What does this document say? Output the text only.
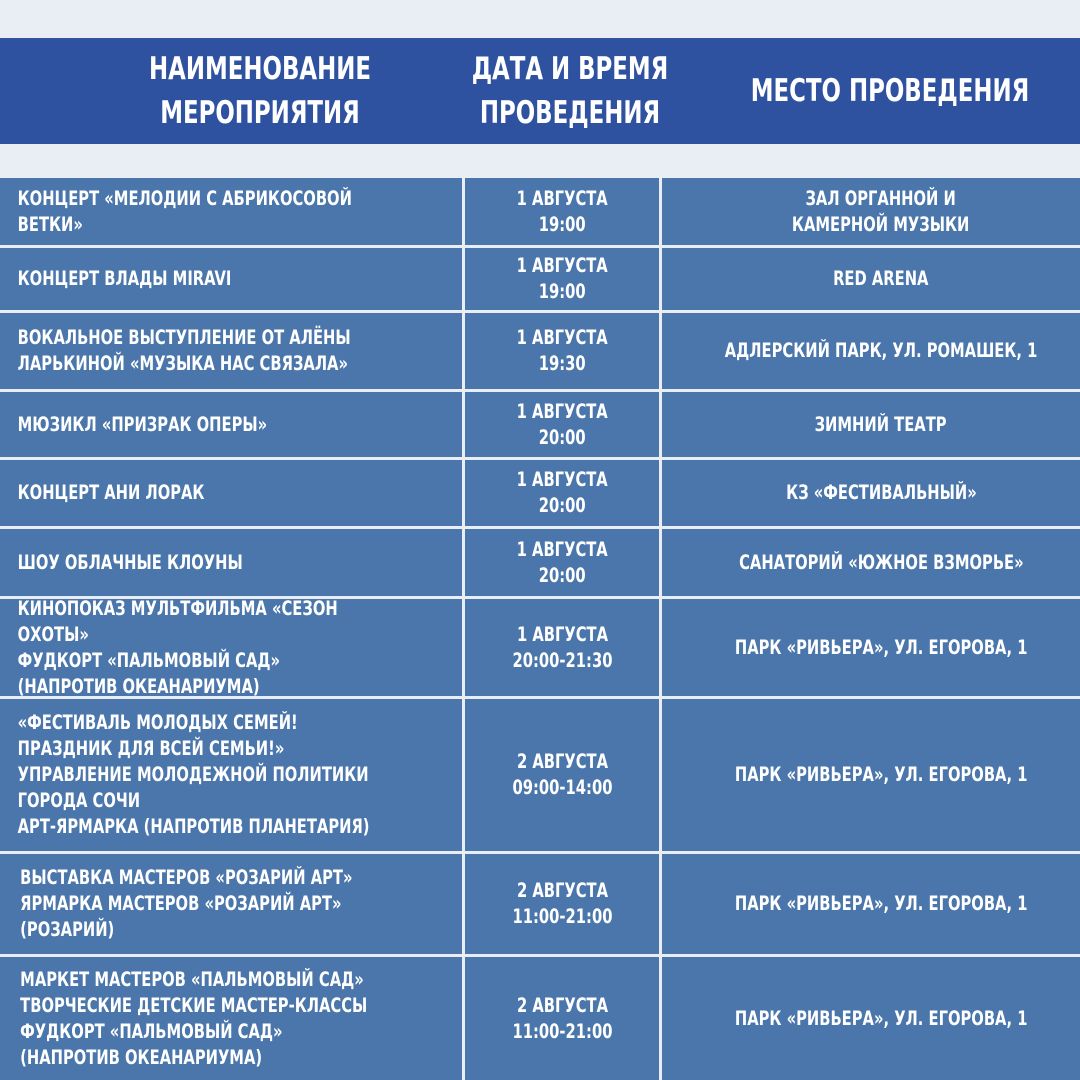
НАИМЕНОВАНИЕ
МЕРОПРИЯТИЯ
ДАТА И ВРЕМЯ
ПРОВЕДЕНИЯ
МЕСТО ПРОВЕДЕНИЯ
КОНЦЕРТ «МЕЛОДИИ С АБРИКОСОВОЙ ВЕТКИ»
1 АВГУСТА
19:00
ЗАЛ ОРГАННОЙ И
КАМЕРНОЙ МУЗЫКИ
КОНЦЕРТ ВЛАДЫ MIRAVI
1 АВГУСТА
19:00
RED ARENA
ВОКАЛЬНОЕ ВЫСТУПЛЕНИЕ ОТ АЛЁНЫ
ЛАРЬКИНОЙ «МУЗЫКА НАС СВЯЗАЛА»
1 АВГУСТА
19:30
АДЛЕРСКИЙ ПАРК, УЛ. РОМАШЕК, 1
МЮЗИКЛ «ПРИЗРАК ОПЕРЫ»
1 АВГУСТА
20:00
ЗИМНИЙ ТЕАТР
КОНЦЕРТ АНИ ЛОРАК
1 АВГУСТА
20:00
КЗ «ФЕСТИВАЛЬНЫЙ»
ШОУ ОБЛАЧНЫЕ КЛОУНЫ
1 АВГУСТА
20:00
САНАТОРИЙ «ЮЖНОЕ ВЗМОРЬЕ»
КИНОПОКАЗ МУЛЬТФИЛЬМА «СЕЗОН ОХОТЫ»
ФУДКОРТ «ПАЛЬМОВЫЙ САД»
(НАПРОТИВ ОКЕАНАРИУМА)
1 АВГУСТА
20:00-21:30
ПАРК «РИВЬЕРА», УЛ. ЕГОРОВА, 1
«ФЕСТИВАЛЬ МОЛОДЫХ СЕМЕЙ!
ПРАЗДНИК ДЛЯ ВСЕЙ СЕМЬИ!»
УПРАВЛЕНИЕ МОЛОДЕЖНОЙ ПОЛИТИКИ
ГОРОДА СОЧИ
АРТ-ЯРМАРКА (НАПРОТИВ ПЛАНЕТАРИЯ)
2 АВГУСТА
09:00-14:00
ПАРК «РИВЬЕРА», УЛ. ЕГОРОВА, 1
ВЫСТАВКА МАСТЕРОВ «РОЗАРИЙ АРТ»
ЯРМАРКА МАСТЕРОВ «РОЗАРИЙ АРТ»
(РОЗАРИЙ)
2 АВГУСТА
11:00-21:00
ПАРК «РИВЬЕРА», УЛ. ЕГОРОВА, 1
МАРКЕТ МАСТЕРОВ «ПАЛЬМОВЫЙ САД»
ТВОРЧЕСКИЕ ДЕТСКИЕ МАСТЕР-КЛАССЫ
ФУДКОРТ «ПАЛЬМОВЫЙ САД»
(НАПРОТИВ ОКЕАНАРИУМА)
2 АВГУСТА
11:00-21:00
ПАРК «РИВЬЕРА», УЛ. ЕГОРОВА, 1
